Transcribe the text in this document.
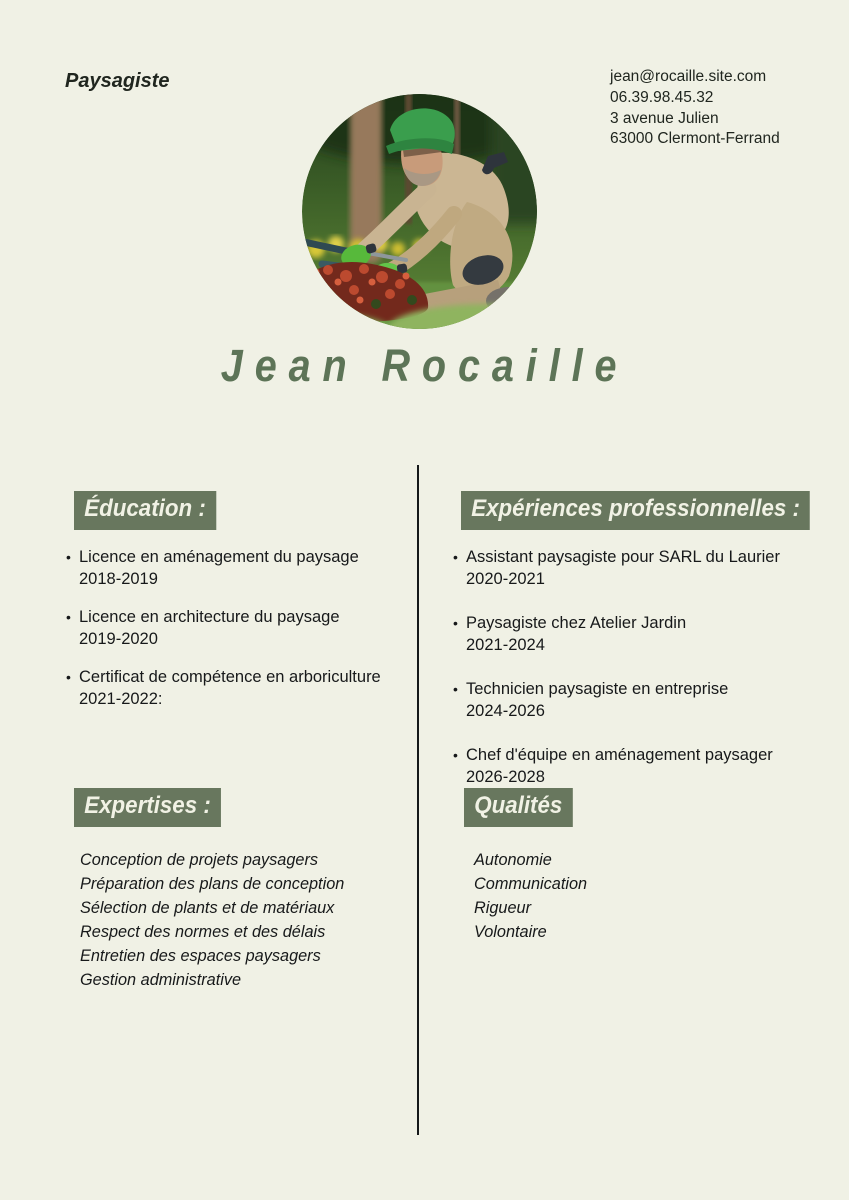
Paysagiste	jean@rocaille.site.com
06.39.98.45.32
3 avenue Julien
63000 Clermont-Ferrand
Jean Rocaille
Éducation :
• Licence en aménagement du paysage
2018-2019
• Licence en architecture du paysage
2019-2020
• Certificat de compétence en arboriculture
2021-2022:
Expériences professionnelles :
• Assistant paysagiste pour SARL du Laurier
2020-2021
• Paysagiste chez Atelier Jardin
2021-2024
• Technicien paysagiste en entreprise
2024-2026
• Chef d'équipe en aménagement paysager
2026-2028
Expertises :
Conception de projets paysagers
Préparation des plans de conception
Sélection de plants et de matériaux
Respect des normes et des délais
Entretien des espaces paysagers
Gestion administrative
Qualités
Autonomie
Communication
Rigueur
Volontaire
